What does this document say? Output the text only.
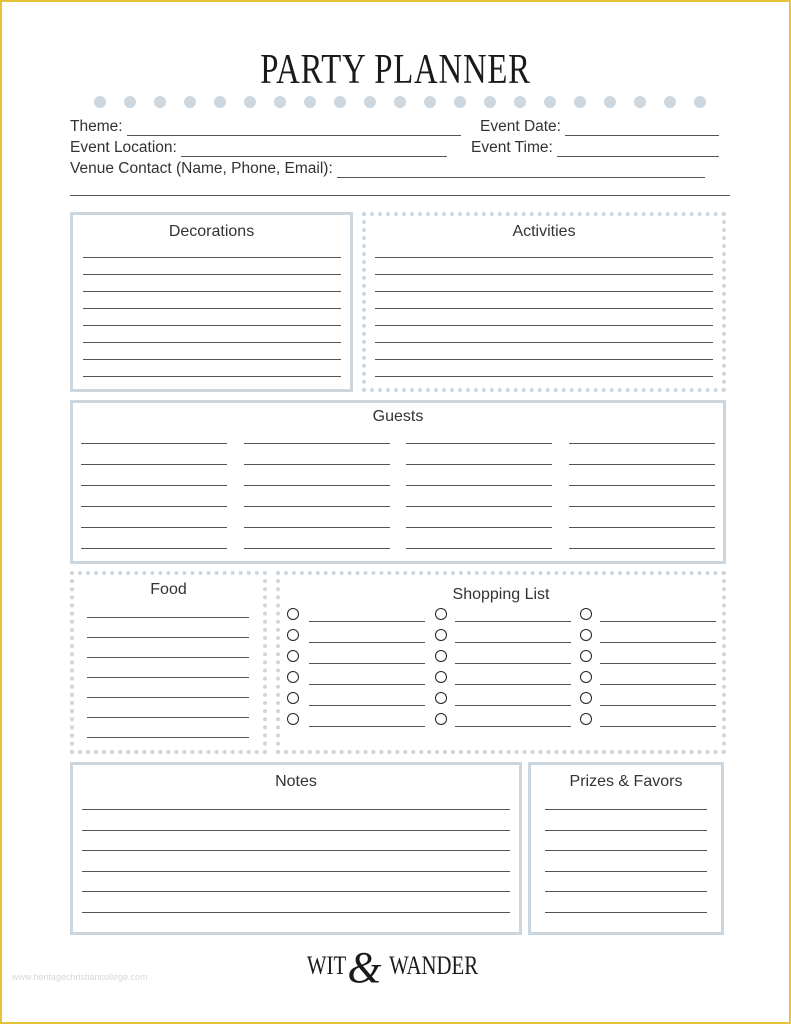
PARTY PLANNER
Theme:	Event Date:
Event Location:	Event Time:
Venue Contact (Name, Phone, Email):
Decorations	Activities
Guests
Food	Shopping List
Notes	Prizes & Favors
WIT& WANDER
www.heritagechristiancollege.com
